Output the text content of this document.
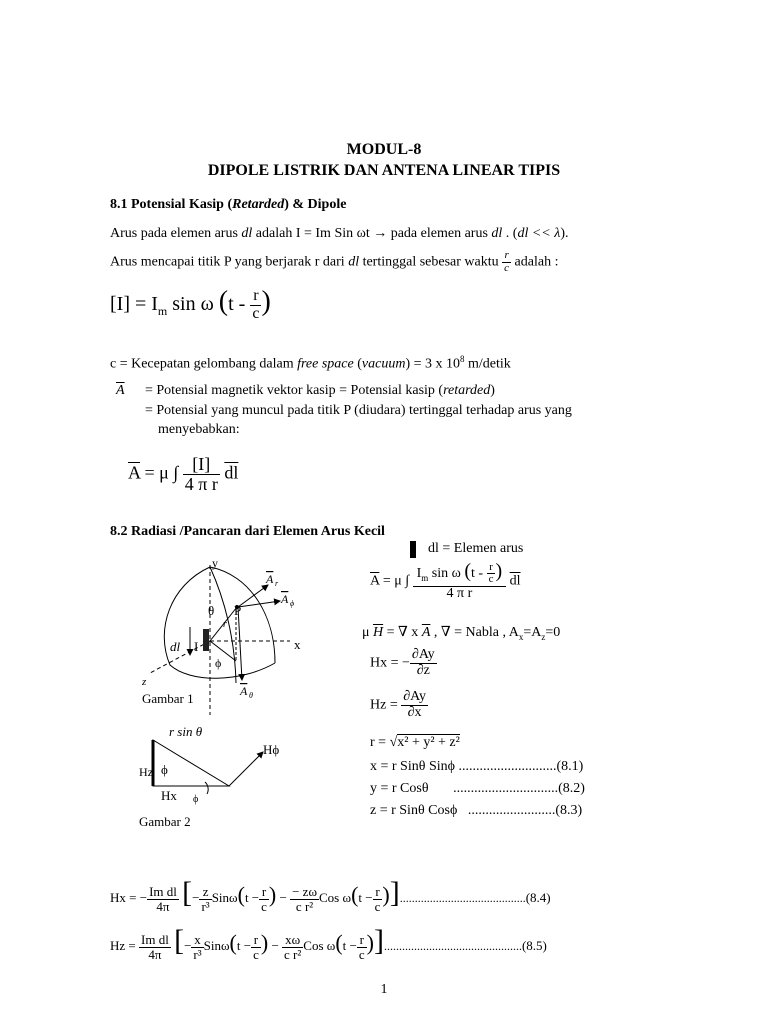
MODUL-8
DIPOLE LISTRIK DAN ANTENA LINEAR TIPIS
8.1 Potensial Kasip (Retarded) & Dipole
Arus pada elemen arus dl adalah I = Im Sin ωt → pada elemen arus dl . (dl << λ).
Arus mencapai titik P yang berjarak r dari dl tertinggal sebesar waktu $\frac{r}{c}$ adalah :
$[I] = I_m$ sin ω ($t - \frac{r}{c}$ )
c = Kecepatan gelombang dalam free space (vacuum) = 3 x $10^8$ m/detik
$\overline{A}$ = Potensial magnetik vektor kasip = Potensial kasip (retarded)
= Potensial yang muncul pada titik P (diudara) tertinggal terhadap arus yang
menyebabkan:
$\overline{A} = \mu$ ∫ $\frac{[I]}{\text{4 π r}} \overline{dl}$
8.2 Radiasi /Pancaran dari Elemen Arus Kecil
dl = Elemen arus
$\overline{A} = \mu$ ∫ $\frac{I_m \sin \omega (t - \frac{r}{c} )}{\text{4 π r}} \overline{dl}$
μ $\overline{H}$ = ∇ x $\overline{A}$ , ∇ = Nabla , $A_x=A_z=0$
Hx = − $\frac{\partial Ay}{\partial z}$
$Hz = \frac{\partial Ay}{\partial x}$
r = √x² + y² + z²
x = r Sinθ Sinϕ ............................(8.1)
y = r Cosθ ..............................(8.2)
z = r Sinθ Cosϕ .........................(8.3)
Hx = − $\frac{\text{Im dl}}{4\pi}$ [− $\frac{z}{\text{r³}} Sin\omega(t - \frac{r}{c}$ ) − $\frac{- z\omega}{\text{c r²}}$ Cos $\omega(t - \frac{r}{c} )]..........................................(8.4)$
$Hz = \frac{\text{Im dl}}{4\pi}$ [− $\frac{x}{\text{r³}} Sin\omega(t - \frac{r}{c}$ ) − $\frac{x\omega}{\text{c r²}}$ Cos $\omega(t - \frac{r}{c} )]..............................................(8.5)$
y
x
z
θ P
r
dl I
ϕ
A r
A ϕ
A θ
Gambar 1
r sin θ
Hϕ
Hz ϕ
Hx ϕ
Gambar 2
1
